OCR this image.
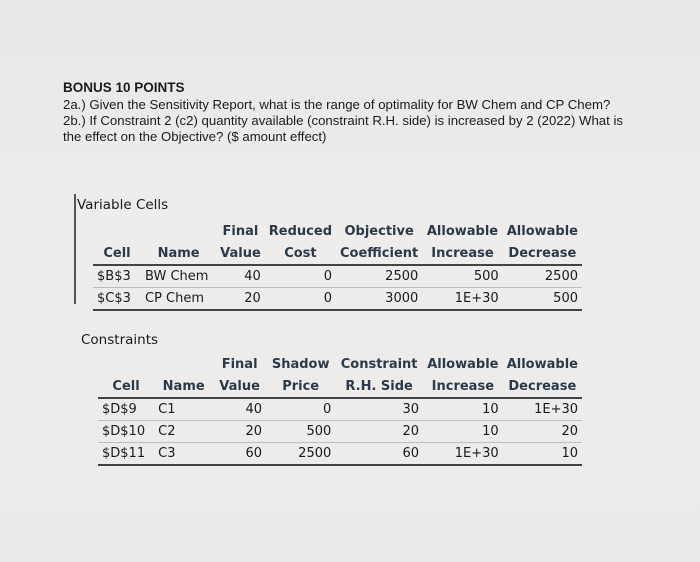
BONUS 10 POINTS

2a.) Given the Sensitivity Report, what is the range of optimality for BW Chem and CP Chem?

2b.) If Constraint 2 (c2) quantity available (constraint R.H. side) is increased by 2 (2022) What is

the effect on the Objective? ($ amount effect)

Variable Cells
		Final	Reduced	Objective	Allowable	Allowable
Cell	Name	Value	Cost	Coefficient	Increase	Decrease
$B$3	BW Chem	40	0	2500	500	2500
$C$3	CP Chem	20	0	3000	1E+30	500
Constraints
		Final	Shadow	Constraint	Allowable	Allowable
Cell	Name	Value	Price	R.H. Side	Increase	Decrease
$D$9	C1	40	0	30	10	1E+30
$D$10	C2	20	500	20	10	20
$D$11	C3	60	2500	60	1E+30	10
